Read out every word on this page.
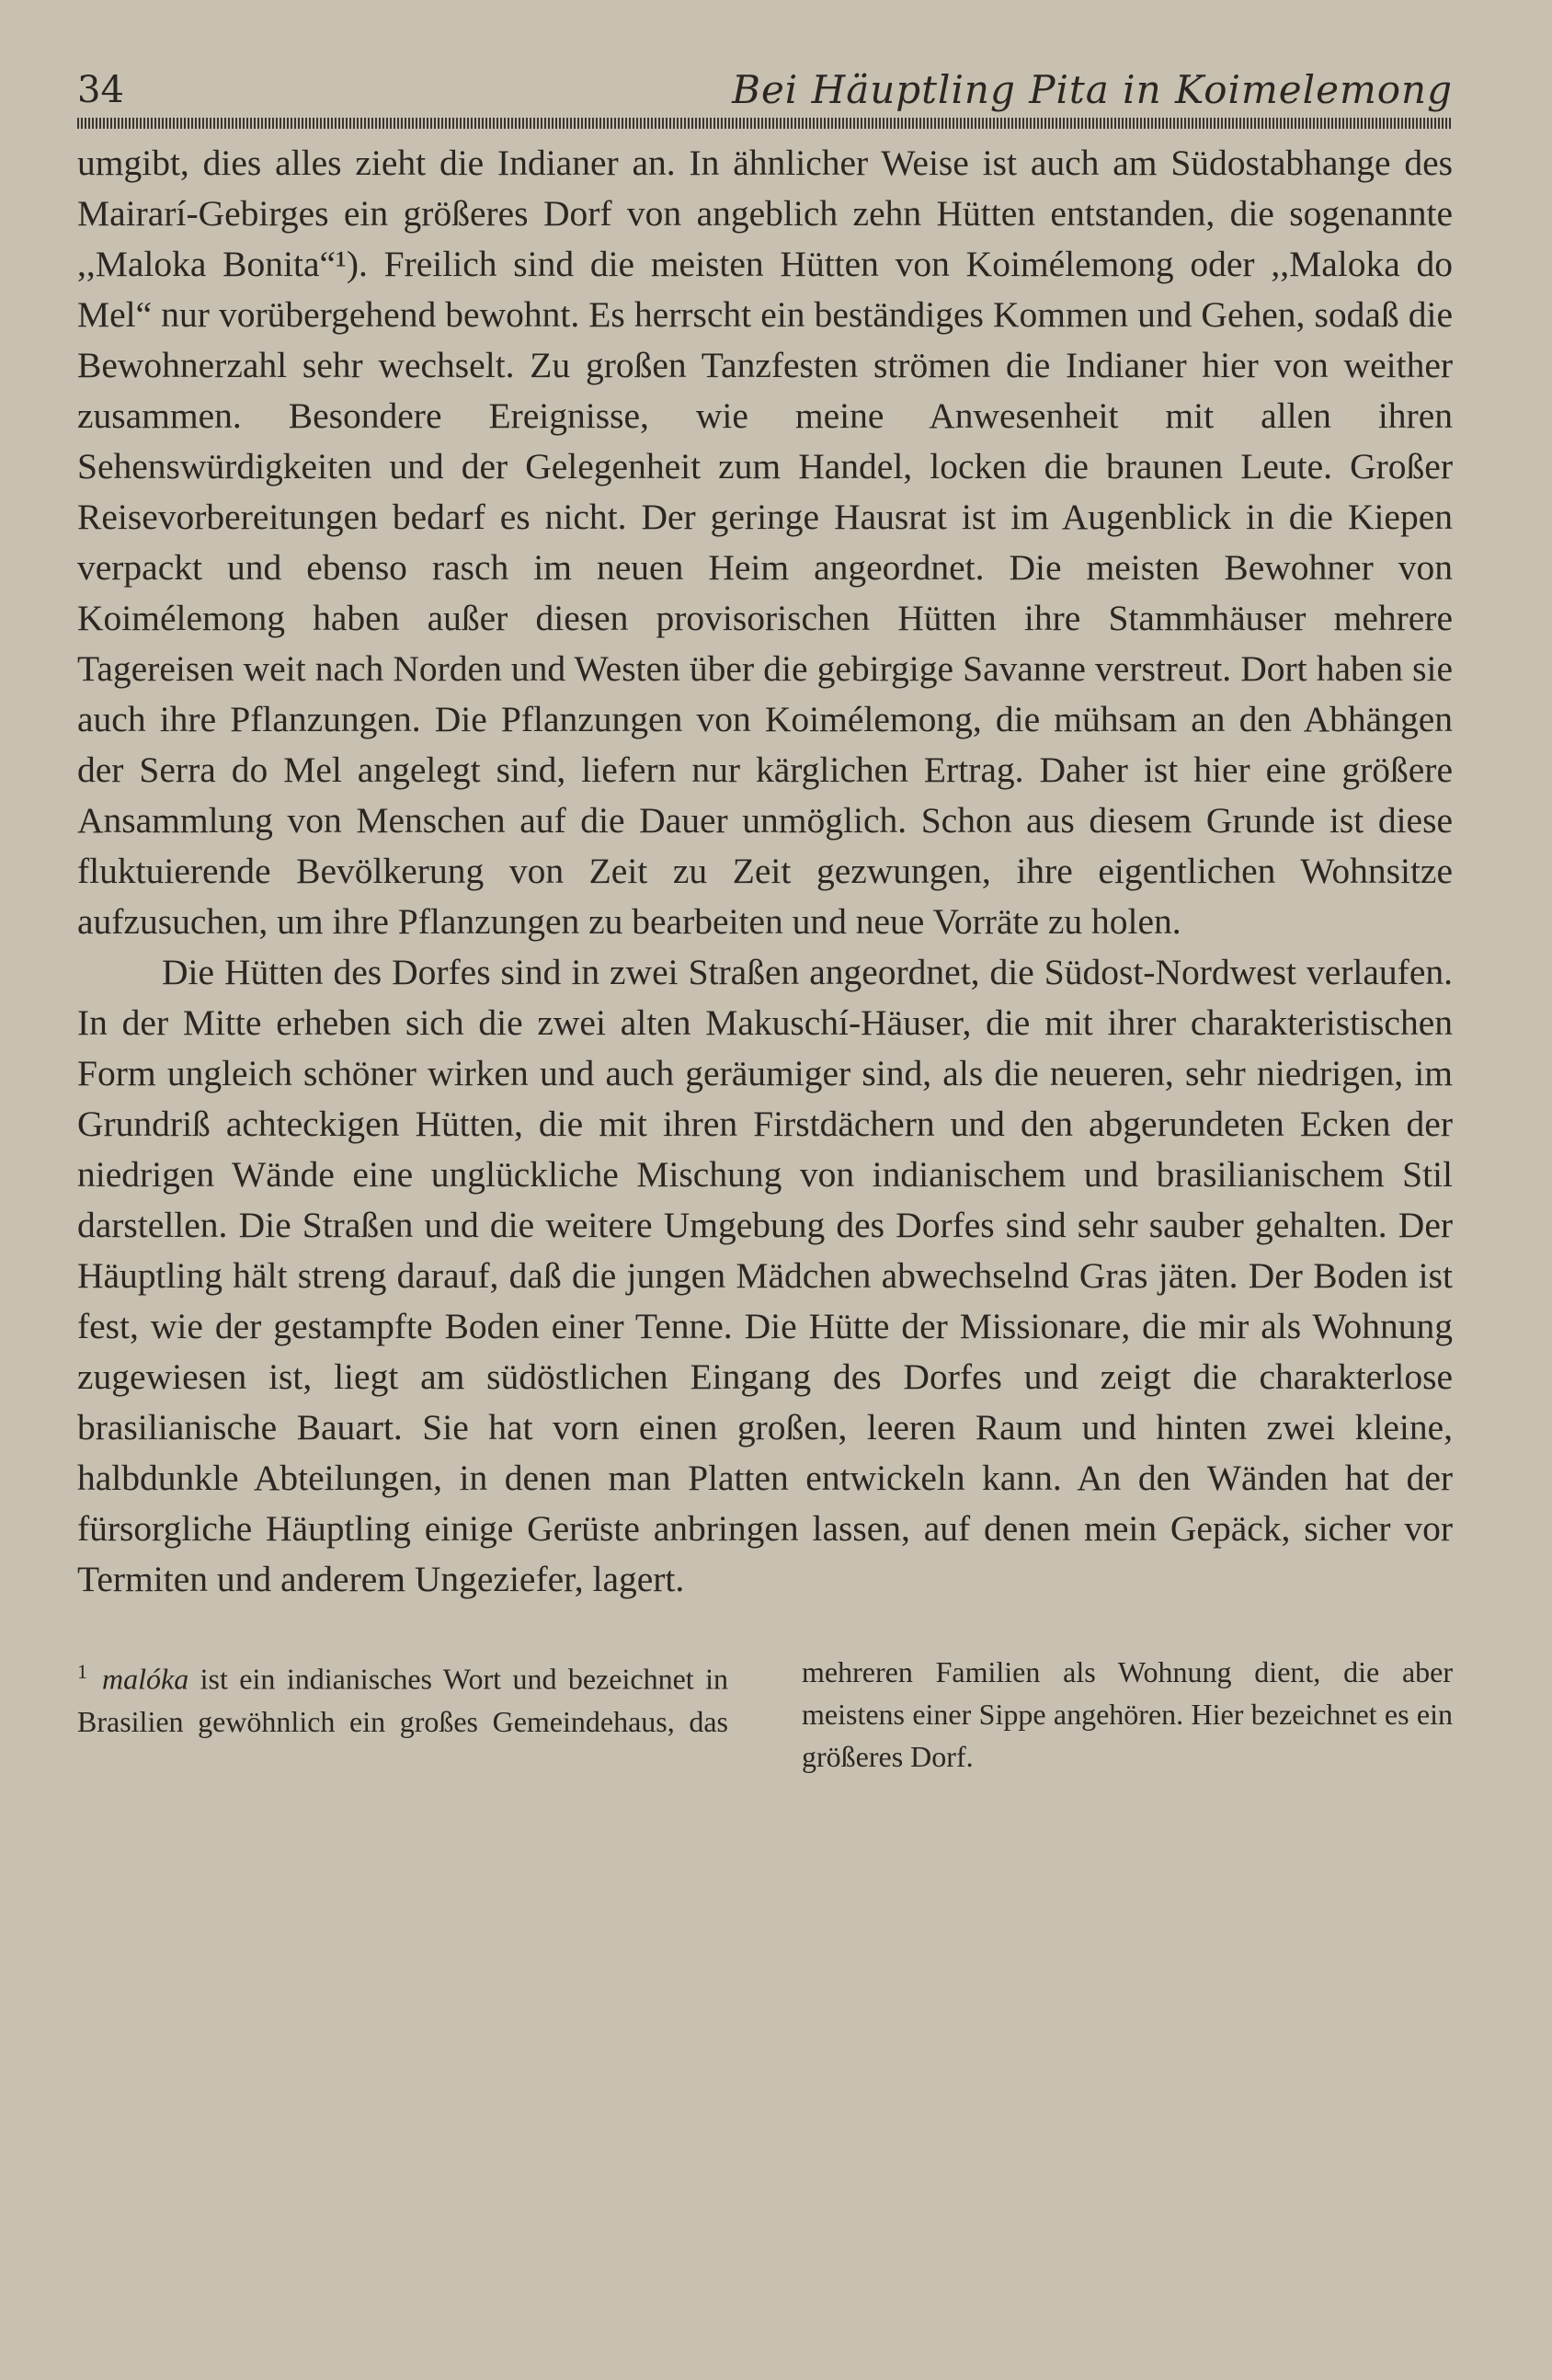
34	Bei Häuptling Pita in Koimelemong

umgibt, dies alles zieht die Indianer an. In ähnlicher Weise ist auch am Südostabhange des Mairarí-Gebirges ein größeres Dorf von angeblich zehn Hütten entstanden, die sogenannte ,,Maloka Bonita“¹). Freilich sind die meisten Hütten von Koimélemong oder ,,Maloka do Mel“ nur vorübergehend bewohnt. Es herrscht ein beständiges Kommen und Gehen, sodaß die Bewohnerzahl sehr wechselt. Zu großen Tanzfesten strömen die Indianer hier von weither zusammen. Besondere Ereignisse, wie meine Anwesenheit mit allen ihren Sehenswürdigkeiten und der Gelegenheit zum Handel, locken die braunen Leute. Großer Reisevorbereitungen bedarf es nicht. Der geringe Hausrat ist im Augenblick in die Kiepen verpackt und ebenso rasch im neuen Heim angeordnet. Die meisten Bewohner von Koimélemong haben außer diesen provisorischen Hütten ihre Stammhäuser mehrere Tagereisen weit nach Norden und Westen über die gebirgige Savanne verstreut. Dort haben sie auch ihre Pflanzungen. Die Pflanzungen von Koimélemong, die mühsam an den Abhängen der Serra do Mel angelegt sind, liefern nur kärglichen Ertrag. Daher ist hier eine größere Ansammlung von Menschen auf die Dauer unmöglich. Schon aus diesem Grunde ist diese fluktuierende Bevölkerung von Zeit zu Zeit gezwungen, ihre eigentlichen Wohnsitze aufzusuchen, um ihre Pflanzungen zu bearbeiten und neue Vorräte zu holen.

Die Hütten des Dorfes sind in zwei Straßen angeordnet, die Südost-Nordwest verlaufen. In der Mitte erheben sich die zwei alten Makuschí-Häuser, die mit ihrer charakteristischen Form ungleich schöner wirken und auch geräumiger sind, als die neueren, sehr niedrigen, im Grundriß achteckigen Hütten, die mit ihren Firstdächern und den abgerundeten Ecken der niedrigen Wände eine unglückliche Mischung von indianischem und brasilianischem Stil darstellen. Die Straßen und die weitere Umgebung des Dorfes sind sehr sauber gehalten. Der Häuptling hält streng darauf, daß die jungen Mädchen abwechselnd Gras jäten. Der Boden ist fest, wie der gestampfte Boden einer Tenne. Die Hütte der Missionare, die mir als Wohnung zugewiesen ist, liegt am südöstlichen Eingang des Dorfes und zeigt die charakterlose brasilianische Bauart. Sie hat vorn einen großen, leeren Raum und hinten zwei kleine, halbdunkle Abteilungen, in denen man Platten entwickeln kann. An den Wänden hat der fürsorgliche Häuptling einige Gerüste anbringen lassen, auf denen mein Gepäck, sicher vor Termiten und anderem Ungeziefer, lagert.

$^1$ malóka ist ein indianisches Wort und bezeichnet in Brasilien gewöhnlich ein großes Gemeindehaus, das mehreren Familien als Wohnung dient, die aber meistens einer Sippe angehören. Hier bezeichnet es ein größeres Dorf.
